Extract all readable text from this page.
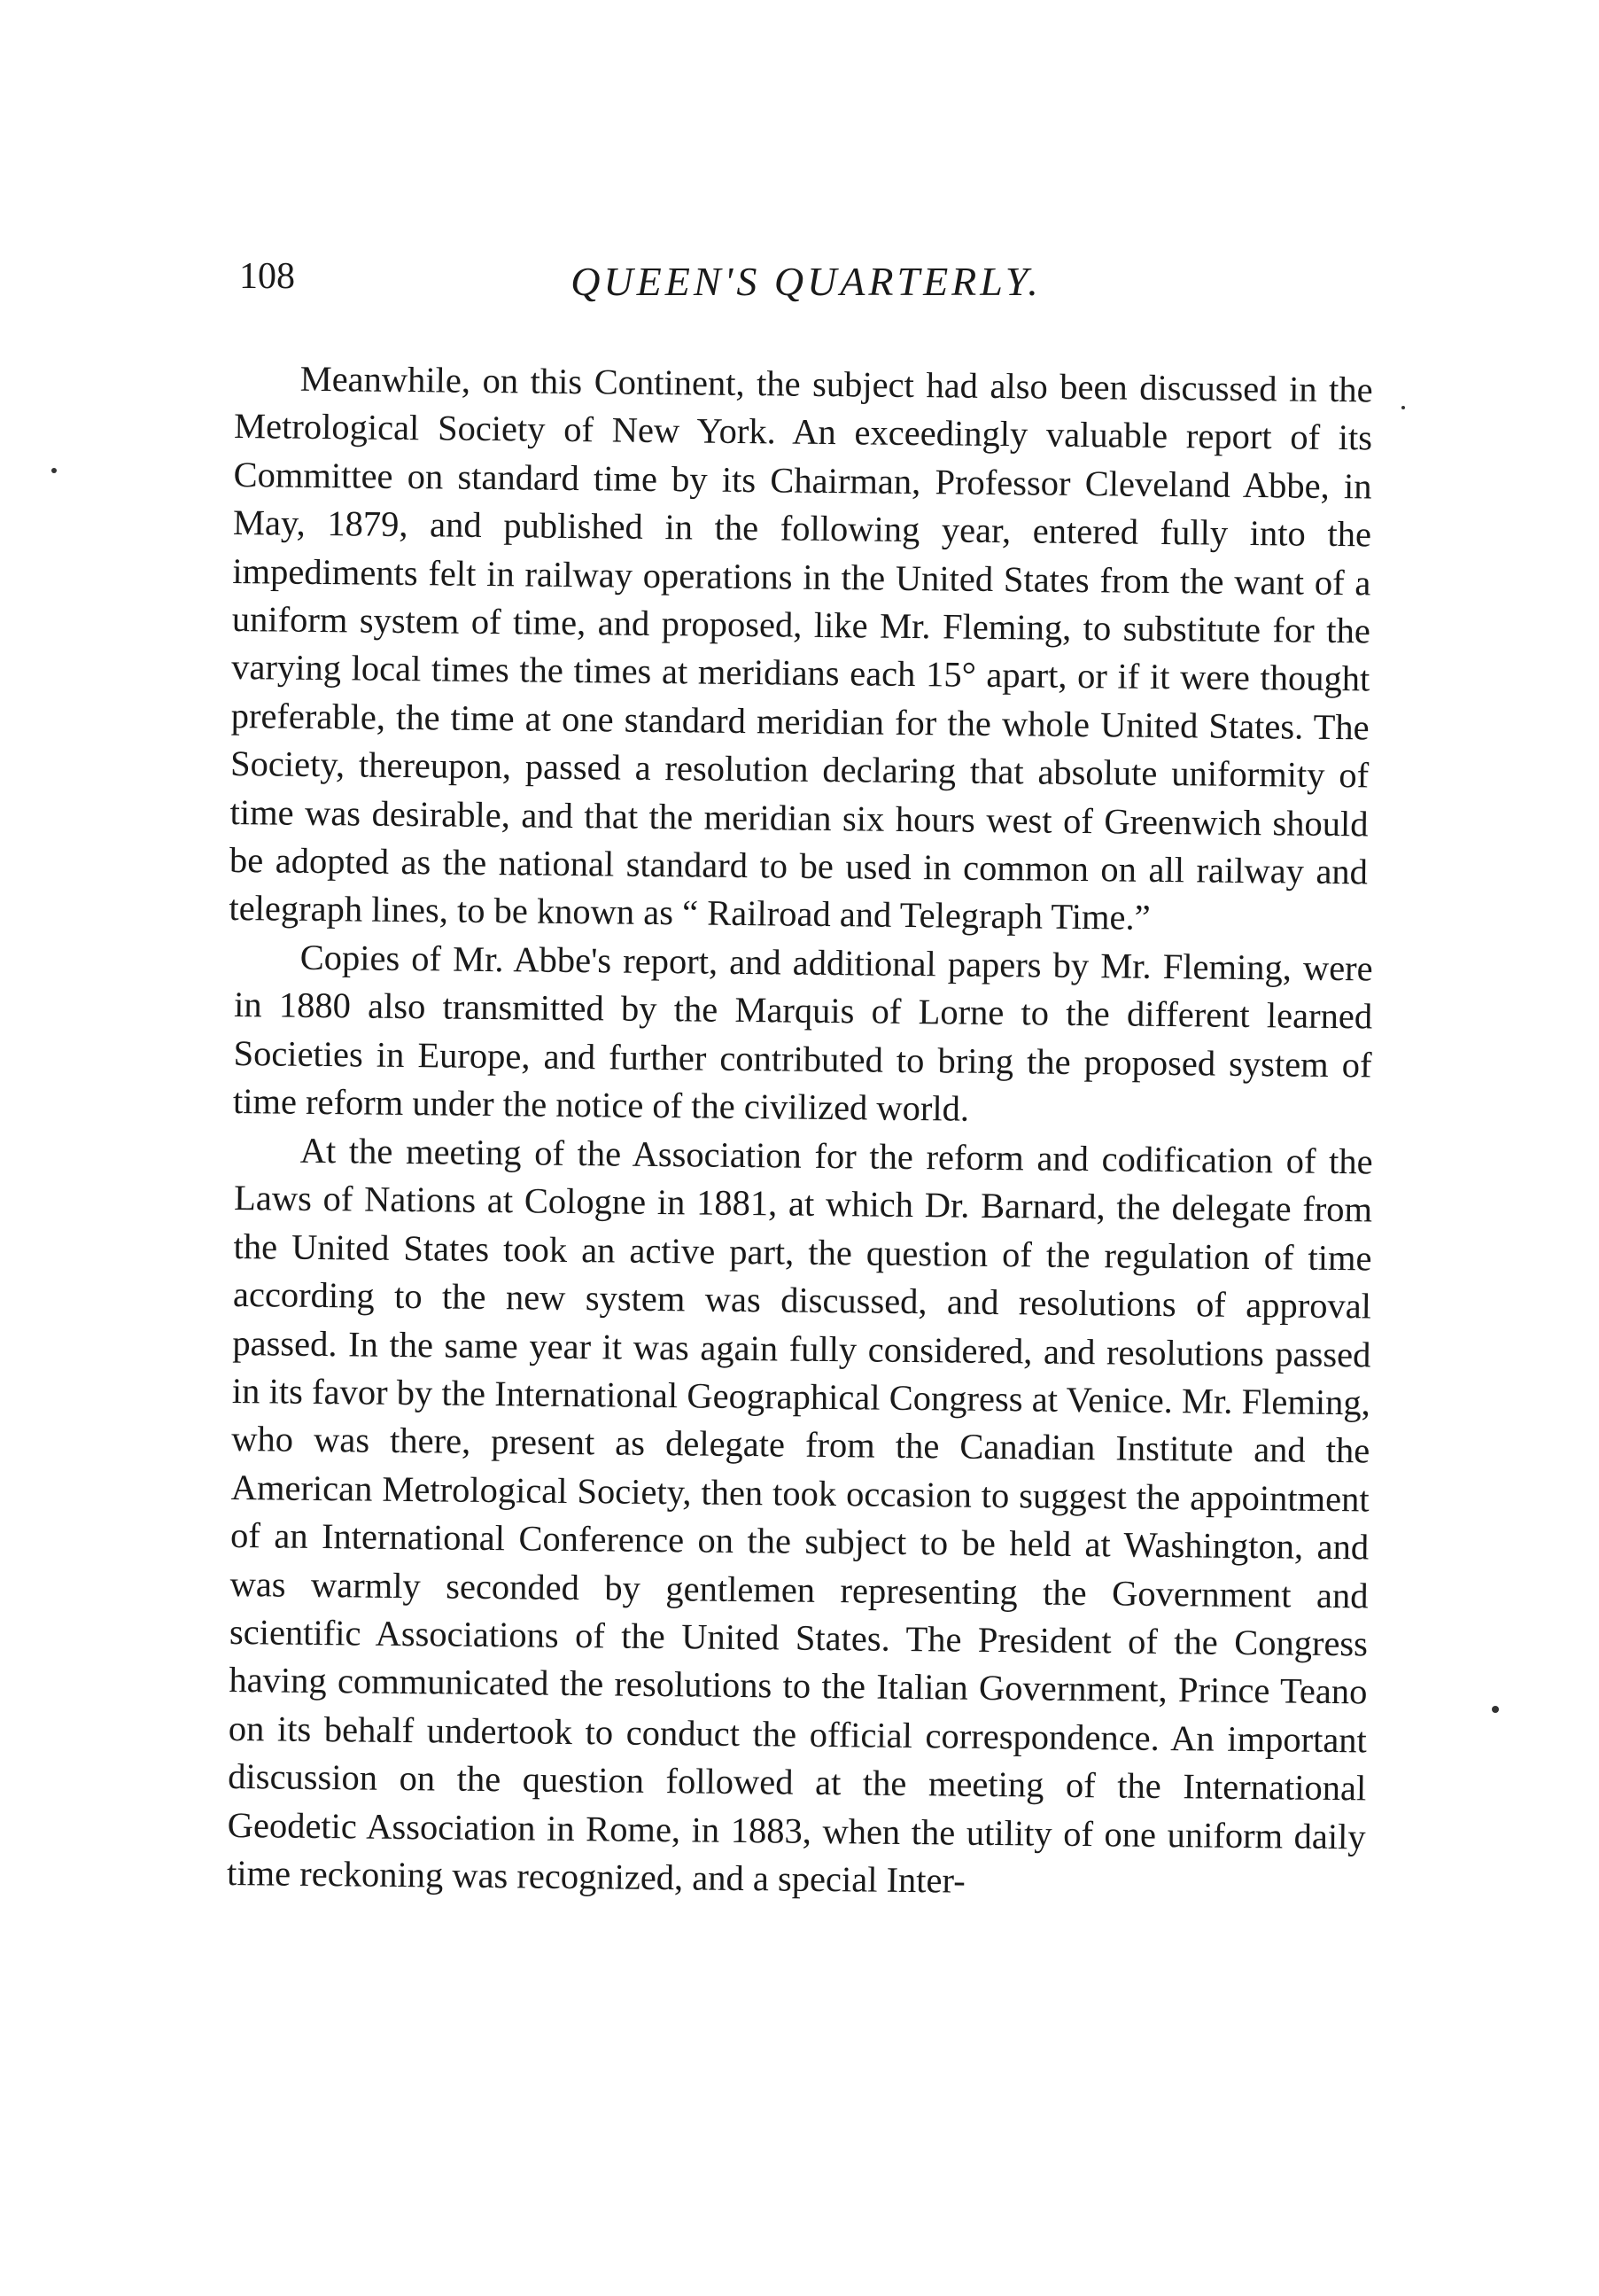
108	QUEEN'S QUARTERLY.

Meanwhile, on this Continent, the subject had also been discussed in the Metrological Society of New York. An exceedingly valuable report of its Committee on standard time by its Chairman, Professor Cleveland Abbe, in May, 1879, and published in the following year, entered fully into the impediments felt in railway operations in the United States from the want of a uniform system of time, and proposed, like Mr. Fleming, to substitute for the varying local times the times at meridians each 15° apart, or if it were thought preferable, the time at one standard meridian for the whole United States. The Society, thereupon, passed a resolution declaring that absolute uniformity of time was desirable, and that the meridian six hours west of Greenwich should be adopted as the national standard to be used in common on all railway and telegraph lines, to be known as “ Railroad and Telegraph Time.”

Copies of Mr. Abbe's report, and additional papers by Mr. Fleming, were in 1880 also transmitted by the Marquis of Lorne to the different learned Societies in Europe, and further contributed to bring the proposed system of time reform under the notice of the civilized world.

At the meeting of the Association for the reform and codification of the Laws of Nations at Cologne in 1881, at which Dr. Barnard, the delegate from the United States took an active part, the question of the regulation of time according to the new system was discussed, and resolutions of approval passed. In the same year it was again fully considered, and resolutions passed in its favor by the International Geographical Congress at Venice. Mr. Fleming, who was there, present as delegate from the Canadian Institute and the American Metrological Society, then took occasion to suggest the appointment of an International Conference on the subject to be held at Washington, and was warmly seconded by gentlemen representing the Government and scientific Associations of the United States. The President of the Congress having communicated the resolutions to the Italian Government, Prince Teano on its behalf undertook to conduct the official correspondence. An important discussion on the question followed at the meeting of the International Geodetic Association in Rome, in 1883, when the utility of one uniform daily time reckoning was recognized, and a special Inter-
